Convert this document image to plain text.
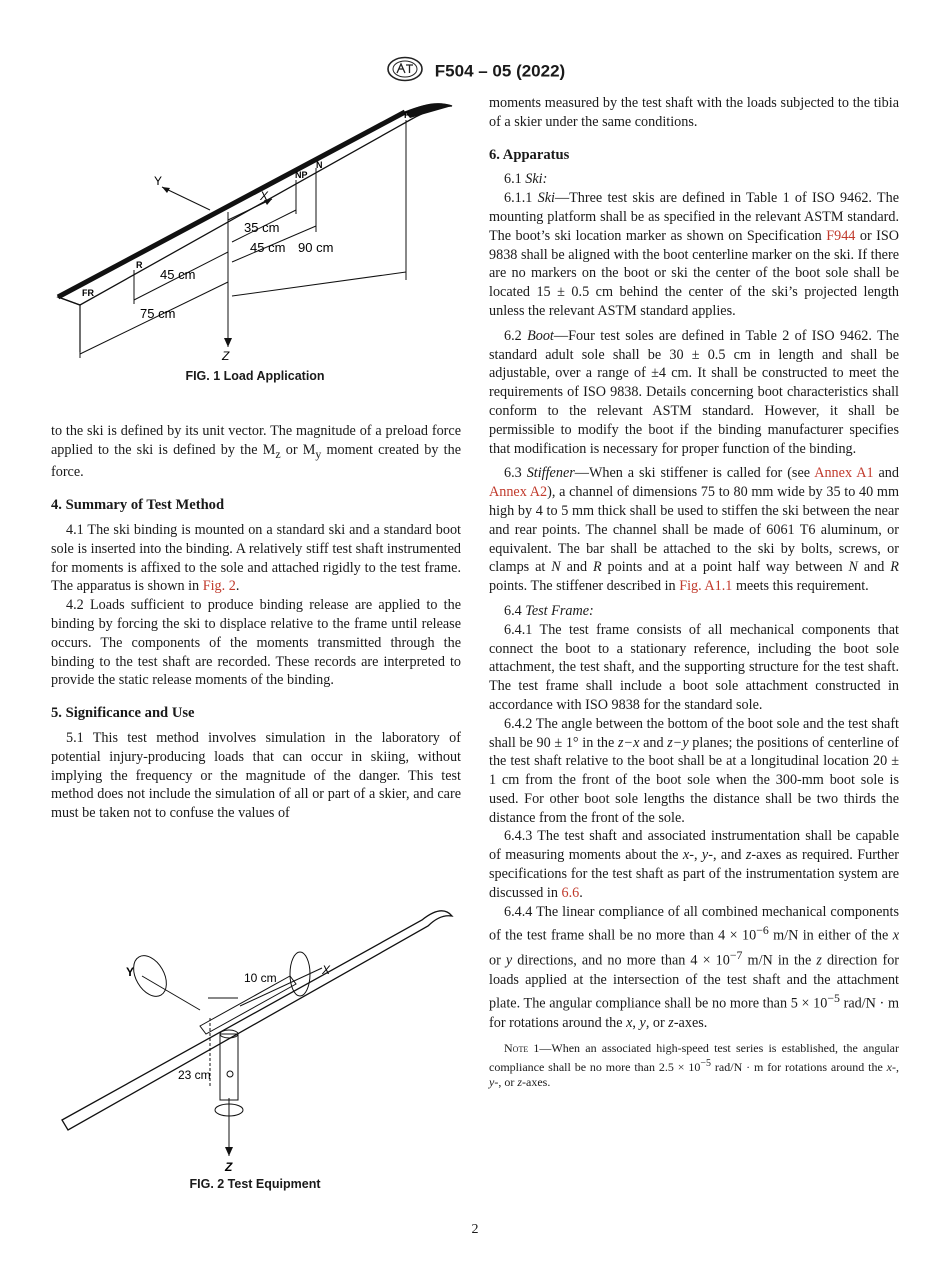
F504 – 05 (2022)
Y
X
Z
F
N
NP
R
FR
35 cm
45 cm 90 cm
45 cm
75 cm
FIG. 1 Load Application
Y	X
Z
10 cm
23 cm
FIG. 2 Test Equipment

to the ski is defined by its unit vector. The magnitude of a preload force applied to the ski is defined by the $M_z$ or $M_y$ moment created by the force.

4. Summary of Test Method

4.1 The ski binding is mounted on a standard ski and a standard boot sole is inserted into the binding. A relatively stiff test shaft instrumented for moments is affixed to the sole and attached rigidly to the test frame. The apparatus is shown in Fig. 2.

4.2 Loads sufficient to produce binding release are applied to the binding by forcing the ski to displace relative to the frame until release occurs. The components of the moments transmitted through the binding to the test shaft are recorded. These records are interpreted to provide the static release moments of the binding.

5. Significance and Use

5.1 This test method involves simulation in the laboratory of potential injury-producing loads that can occur in skiing, without implying the frequency or the magnitude of the danger. This test method does not include the simulation of all or part of a skier, and care must be taken not to confuse the values of

moments measured by the test shaft with the loads subjected to the tibia of a skier under the same conditions.

6. Apparatus

6.1 Ski:

6.1.1 Ski—Three test skis are defined in Table 1 of ISO 9462. The mounting platform shall be as specified in the relevant ASTM standard. The boot’s ski location marker as shown on Specification F944 or ISO 9838 shall be aligned with the boot centerline marker on the ski. If there are no markers on the boot or ski the center of the boot sole shall be located 15 ± 0.5 cm behind the center of the ski’s projected length unless the relevant ASTM standard applies.

6.2 Boot—Four test soles are defined in Table 2 of ISO 9462. The standard adult sole shall be 30 ± 0.5 cm in length and shall be adjustable, over a range of ±4 cm. It shall be constructed to meet the requirements of ISO 9838. Details concerning boot characteristics shall conform to the relevant ASTM standard. However, it shall be permissible to modify the boot if the binding manufacturer specifies that modification is necessary for proper function of the binding.

6.3 Stiffener—When a ski stiffener is called for (see Annex A1 and Annex A2), a channel of dimensions 75 to 80 mm wide by 35 to 40 mm high by 4 to 5 mm thick shall be used to stiffen the ski between the near and rear points. The channel shall be made of 6061 T6 aluminum, or equivalent. The bar shall be attached to the ski by bolts, screws, or clamps at N and R points and at a point half way between N and R points. The stiffener described in Fig. A1.1 meets this requirement.

6.4 Test Frame:

6.4.1 The test frame consists of all mechanical components that connect the boot to a stationary reference, including the boot sole attachment, the test shaft, and the supporting structure for the test shaft. The test frame shall include a boot sole attachment constructed in accordance with ISO 9838 for the standard sole.

6.4.2 The angle between the bottom of the boot sole and the test shaft shall be 90 ± 1° in the z−x and z−y planes; the positions of centerline of the test shaft relative to the boot shall be at a longitudinal location 20 ± 1 cm from the front of the boot sole when the 300-mm boot sole is used. For other boot sole lengths the distance shall be two thirds the distance from the front of the sole.

6.4.3 The test shaft and associated instrumentation shall be capable of measuring moments about the x-, y-, and z-axes as required. Further specifications for the test shaft as part of the instrumentation system are discussed in 6.6.

6.4.4 The linear compliance of all combined mechanical components of the test frame shall be no more than $4 \times 10^{-6}$ m/N in either of the x or y directions, and no more than $4 \times 10^{-7}$ m/N in the z direction for loads applied at the intersection of the test shaft and the attachment plate. The angular compliance shall be no more than $5 \times 10^{-5}$ rad/N · m for rotations around the x, y, or z-axes.

Note 1—When an associated high-speed test series is established, the angular compliance shall be no more than $2.5 \times 10^{-5}$ rad/N · m for rotations around the x-, y-, or z-axes.

2
